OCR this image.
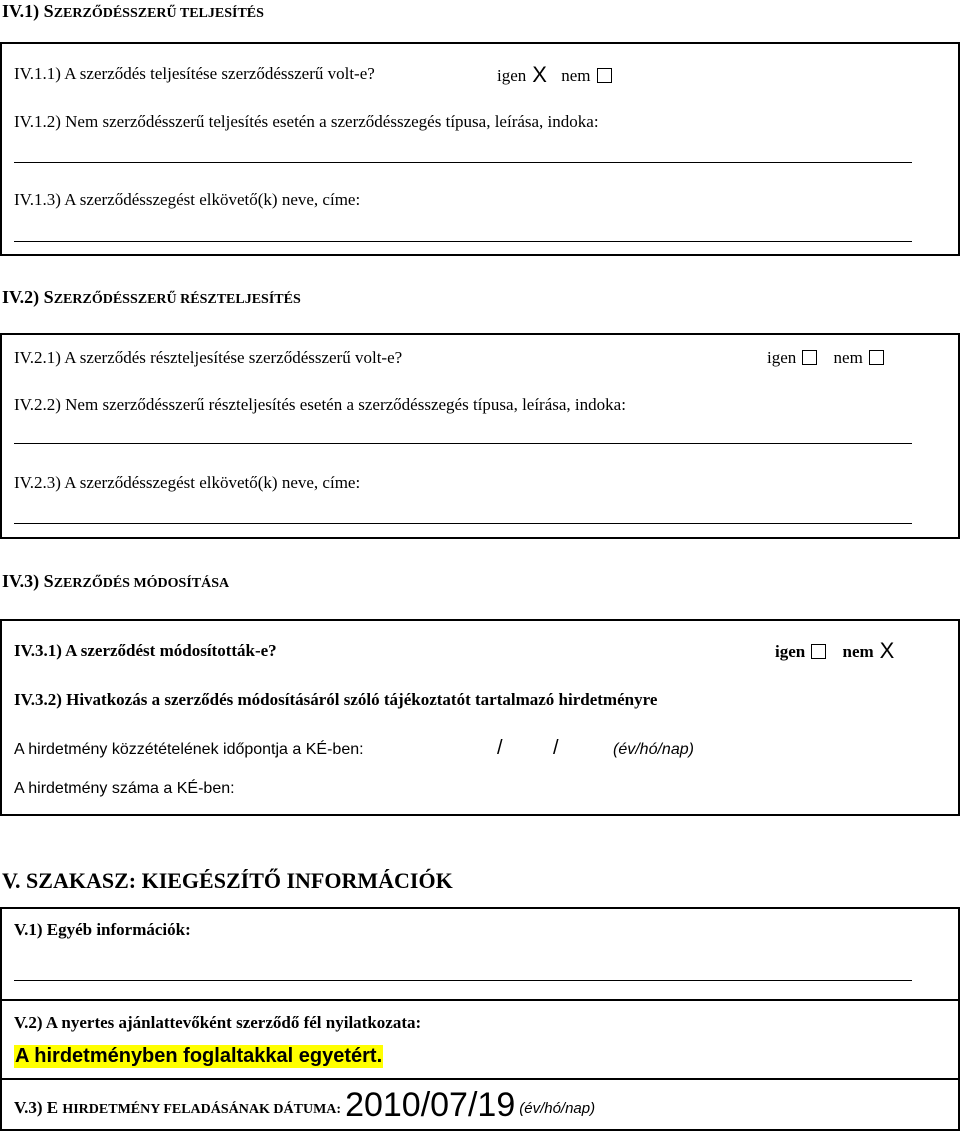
IV.1) SZERZŐDÉSSZERŰ TELJESÍTÉS
IV.1.1) A szerződés teljesítése szerződésszerű volt-e?	igen X nem
IV.1.2) Nem szerződésszerű teljesítés esetén a szerződésszegés típusa, leírása, indoka:
IV.1.3) A szerződésszegést elkövető(k) neve, címe:
IV.2) SZERZŐDÉSSZERŰ RÉSZTELJESÍTÉS
IV.2.1) A szerződés részteljesítése szerződésszerű volt-e?	igen nem
IV.2.2) Nem szerződésszerű részteljesítés esetén a szerződésszegés típusa, leírása, indoka:
IV.2.3) A szerződésszegést elkövető(k) neve, címe:
IV.3) SZERZŐDÉS MÓDOSÍTÁSA
IV.3.1) A szerződést módosították-e?	igen nem X
IV.3.2) Hivatkozás a szerződés módosításáról szóló tájékoztatót tartalmazó hirdetményre
A hirdetmény közzétételének időpontja a KÉ-ben:	/	/	(év/hó/nap)
A hirdetmény száma a KÉ-ben:
V. SZAKASZ: KIEGÉSZÍTŐ INFORMÁCIÓK
V.1) Egyéb információk:
V.2) A nyertes ajánlattevőként szerződő fél nyilatkozata:
A hirdetményben foglaltakkal egyetért.
V.3) E HIRDETMÉNY FELADÁSÁNAK DÁTUMA: 2010/07/19 (év/hó/nap)
